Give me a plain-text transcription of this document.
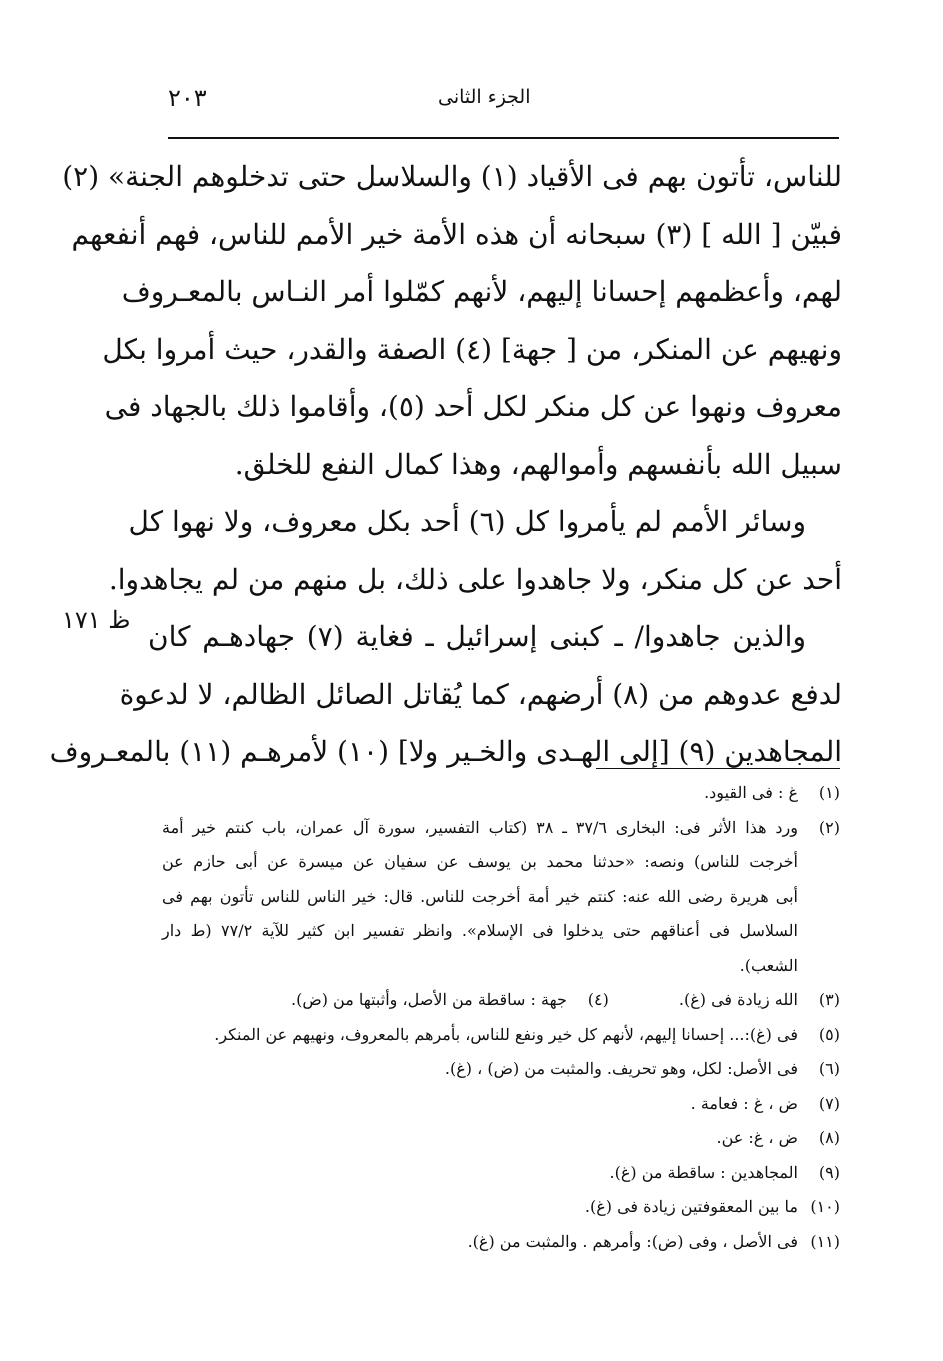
٢٠٣	الجزء الثانى
ظ ١٧١
للناس، تأتون بهم فى الأقياد (١) والسلاسل حتى تدخلوهم الجنة» (٢)
فبيّن [ الله ] (٣) سبحانه أن هذه الأمة خير الأمم للناس، فهم أنفعهم
لهم، وأعظمهم إحسانا إليهم، لأنهم كمّلوا أمر النـاس بالمعـروف
ونهيهم عن المنكر، من [ جهة] (٤) الصفة والقدر، حيث أمروا بكل
معروف ونهوا عن كل منكر لكل أحد (٥)، وأقاموا ذلك بالجهاد فى
سبيل الله بأنفسهم وأموالهم، وهذا كمال النفع للخلق.
وسائر الأمم لم يأمروا كل (٦) أحد بكل معروف، ولا نهوا كل
أحد عن كل منكر، ولا جاهدوا على ذلك، بل منهم من لم يجاهدوا.
والذين جاهدوا/ ـ كبنى إسرائيل ـ فغاية (٧) جهادهـم كان
لدفع عدوهم من (٨) أرضهم، كما يُقاتل الصائل الظالم، لا لدعوة
المجاهدين (٩) [إلى الهـدى والخـير ولا] (١٠) لأمرهـم (١١) بالمعـروف
(١)
غ : فى القيود.
(٢)
ورد هذا الأثر فى: البخارى ٣٧/٦ ـ ٣٨ (كتاب التفسير، سورة آل عمران، باب كنتم خير أمة
أخرجت للناس) ونصه: «حدثنا محمد بن يوسف عن سفيان عن ميسرة عن أبى حازم عن
أبى هريرة رضى الله عنه: كنتم خير أمة أخرجت للناس. قال: خير الناس للناس تأتون بهم فى
السلاسل فى أعناقهم حتى يدخلوا فى الإسلام». وانظر تفسير ابن كثير للآية ٧٧/٢ (ط دار
الشعب).
(٣)
الله زيادة فى (غ).
(٤)
جهة : ساقطة من الأصل، وأثبتها من (ض).
(٥)
فى (غ):... إحسانا إليهم، لأنهم كل خير ونفع للناس، بأمرهم بالمعروف، ونهيهم عن المنكر.
(٦)
فى الأصل: لكل، وهو تحريف. والمثبت من (ض) ، (غ).
(٧)
ض ، غ : فعامة .
(٨)
ض ، غ: عن.
(٩)
المجاهدين : ساقطة من (غ).
(١٠)
ما بين المعقوفتين زيادة فى (غ).
(١١)
فى الأصل ، وفى (ض): وأمرهم . والمثبت من (غ).
